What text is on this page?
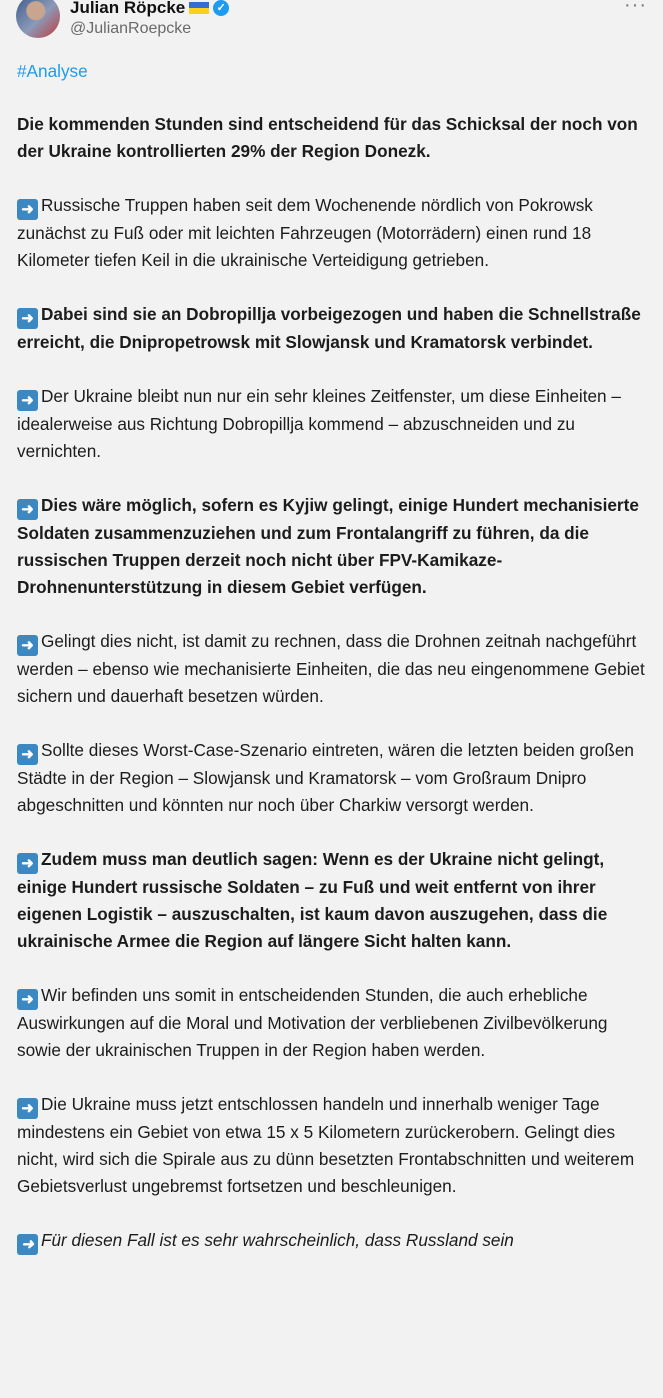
Julian Röpcke	✓
@JulianRoepcke
···
#Analyse
Die kommenden Stunden sind entscheidend für das Schicksal der noch von der Ukraine kontrollierten 29% der Region Donezk.
➜ Russische Truppen haben seit dem Wochenende nördlich von Pokrowsk zunächst zu Fuß oder mit leichten Fahrzeugen (Motorrädern) einen rund 18 Kilometer tiefen Keil in die ukrainische Verteidigung getrieben.
➜ Dabei sind sie an Dobropillja vorbeigezogen und haben die Schnellstraße erreicht, die Dnipropetrowsk mit Slowjansk und Kramatorsk verbindet.
➜ Der Ukraine bleibt nun nur ein sehr kleines Zeitfenster, um diese Einheiten – idealerweise aus Richtung Dobropillja kommend – abzuschneiden und zu vernichten.
➜ Dies wäre möglich, sofern es Kyjiw gelingt, einige Hundert mechanisierte Soldaten zusammenzuziehen und zum Frontalangriff zu führen, da die russischen Truppen derzeit noch nicht über FPV-Kamikaze-Drohnenunterstützung in diesem Gebiet verfügen.
➜ Gelingt dies nicht, ist damit zu rechnen, dass die Drohnen zeitnah nachgeführt werden – ebenso wie mechanisierte Einheiten, die das neu eingenommene Gebiet sichern und dauerhaft besetzen würden.
➜ Sollte dieses Worst-Case-Szenario eintreten, wären die letzten beiden großen Städte in der Region – Slowjansk und Kramatorsk – vom Großraum Dnipro abgeschnitten und könnten nur noch über Charkiw versorgt werden.
➜ Zudem muss man deutlich sagen: Wenn es der Ukraine nicht gelingt, einige Hundert russische Soldaten – zu Fuß und weit entfernt von ihrer eigenen Logistik – auszuschalten, ist kaum davon auszugehen, dass die ukrainische Armee die Region auf längere Sicht halten kann.
➜ Wir befinden uns somit in entscheidenden Stunden, die auch erhebliche Auswirkungen auf die Moral und Motivation der verbliebenen Zivilbevölkerung sowie der ukrainischen Truppen in der Region haben werden.
➜ Die Ukraine muss jetzt entschlossen handeln und innerhalb weniger Tage mindestens ein Gebiet von etwa 15 x 5 Kilometern zurückerobern. Gelingt dies nicht, wird sich die Spirale aus zu dünn besetzten Frontabschnitten und weiterem Gebietsverlust ungebremst fortsetzen und beschleunigen.
➜ Für diesen Fall ist es sehr wahrscheinlich, dass Russland sein
